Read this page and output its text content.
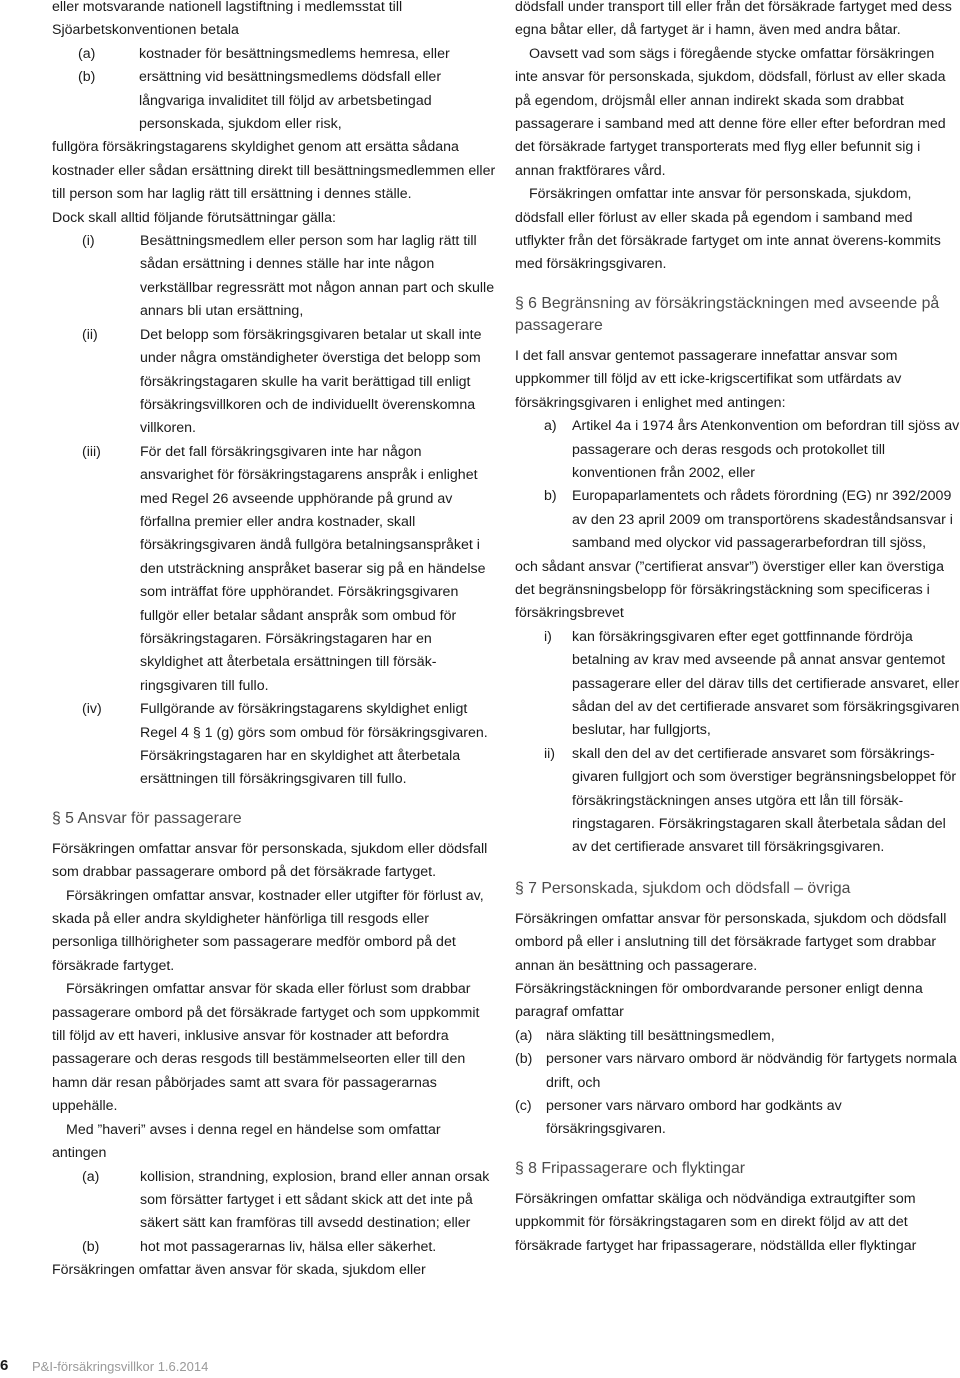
eller motsvarande nationell lagstiftning i medlemsstat till

Sjöarbetskonventionen betala

(a)	kostnader för besättningsmedlems hemresa, eller
(b)	ersättning vid besättningsmedlems dödsfall eller långvariga invaliditet till följd av arbetsbetingad personskada, sjukdom eller risk,

fullgöra försäkringstagarens skyldighet genom att ersätta sådana kostnader eller sådan ersättning direkt till besättningsmedlemmen eller till person som har laglig rätt till ersättning i dennes ställe.

Dock skall alltid följande förutsättningar gälla:

(i)	Besättningsmedlem eller person som har laglig rätt till sådan ersättning i dennes ställe har inte någon verkställbar regressrätt mot någon annan part och skulle annars bli utan ersättning,
(ii)	Det belopp som försäkringsgivaren betalar ut skall inte under några omständigheter överstiga det belopp som försäkringstagaren skulle ha varit berättigad till enligt försäkringsvillkoren och de individuellt överenskomna villkoren.
(iii)	För det fall försäkringsgivaren inte har någon ansvarighet för försäkringstagarens anspråk i enlighet med Regel 26 avseende upphörande på grund av förfallna premier eller andra kostnader, skall försäkringsgivaren ändå fullgöra betalningsanspråket i den utsträckning anspråket baserar sig på en händelse som inträffat före upphörandet. Försäkringsgivaren fullgör eller betalar sådant anspråk som ombud för försäkringstagaren. Försäkringstagaren har en skyldighet att återbetala ersättningen till försäk-ringsgivaren till fullo.
(iv)	Fullgörande av försäkringstagarens skyldighet enligt Regel 4 § 1 (g) görs som ombud för försäkringsgivaren. Försäkringstagaren har en skyldighet att återbetala ersättningen till försäkringsgivaren till fullo.
§ 5 Ansvar för passagerare

Försäkringen omfattar ansvar för personskada, sjukdom eller dödsfall som drabbar passagerare ombord på det försäkrade fartyget.

Försäkringen omfattar ansvar, kostnader eller utgifter för förlust av, skada på eller andra skyldigheter hänförliga till resgods eller personliga tillhörigheter som passagerare medför ombord på det försäkrade fartyget.

Försäkringen omfattar ansvar för skada eller förlust som drabbar passagerare ombord på det försäkrade fartyget och som uppkommit till följd av ett haveri, inklusive ansvar för kostnader att befordra passagerare och deras resgods till bestämmelseorten eller till den hamn där resan påbörjades samt att svara för passagerarnas uppehälle.

Med ”haveri” avses i denna regel en händelse som omfattar antingen

(a)	kollision, strandning, explosion, brand eller annan orsak som försätter fartyget i ett sådant skick att det inte på säkert sätt kan framföras till avsedd destination; eller
(b)	hot mot passagerarnas liv, hälsa eller säkerhet.

Försäkringen omfattar även ansvar för skada, sjukdom eller

dödsfall under transport till eller från det försäkrade fartyget med dess egna båtar eller, då fartyget är i hamn, även med andra båtar.

Oavsett vad som sägs i föregående stycke omfattar försäkringen inte ansvar för personskada, sjukdom, dödsfall, förlust av eller skada på egendom, dröjsmål eller annan indirekt skada som drabbat passagerare i samband med att denne före eller efter befordran med det försäkrade fartyget transporterats med flyg eller befunnit sig i annan fraktförares vård.

Försäkringen omfattar inte ansvar för personskada, sjukdom, dödsfall eller förlust av eller skada på egendom i samband med utflykter från det försäkrade fartyget om inte annat överens-kommits med försäkringsgivaren.

§ 6 Begränsning av försäkringstäckningen med avseende på passagerare

I det fall ansvar gentemot passagerare innefattar ansvar som uppkommer till följd av ett icke-krigscertifikat som utfärdats av försäkringsgivaren i enlighet med antingen:

a)	Artikel 4a i 1974 års Atenkonvention om befordran till sjöss av passagerare och deras resgods och protokollet till konventionen från 2002, eller
b)	Europaparlamentets och rådets förordning (EG) nr 392/2009 av den 23 april 2009 om transportörens skadeståndsansvar i samband med olyckor vid passagerarbefordran till sjöss,

och sådant ansvar (”certifierat ansvar”) överstiger eller kan överstiga det begränsningsbelopp för försäkringstäckning som specificeras i försäkringsbrevet

i)	kan försäkringsgivaren efter eget gottfinnande fördröja betalning av krav med avseende på annat ansvar gentemot passagerare eller del därav tills det certifierade ansvaret, eller sådan del av det certifierade ansvaret som försäkringsgivaren beslutar, har fullgjorts,
ii)	skall den del av det certifierade ansvaret som försäkrings-givaren fullgjort och som överstiger begränsningsbeloppet för försäkringstäckningen anses utgöra ett lån till försäk-ringstagaren. Försäkringstagaren skall återbetala sådan del av det certifierade ansvaret till försäkringsgivaren.
§ 7 Personskada, sjukdom och dödsfall – övriga

Försäkringen omfattar ansvar för personskada, sjukdom och dödsfall ombord på eller i anslutning till det försäkrade fartyget som drabbar annan än besättning och passagerare.

Försäkringstäckningen för ombordvarande personer enligt denna paragraf omfattar

(a) nära släkting till besättningsmedlem,
(b) personer vars närvaro ombord är nödvändig för fartygets normala drift, och
(c)	personer vars närvaro ombord har godkänts av försäkringsgivaren.
§ 8 Fripassagerare och flyktingar

Försäkringen omfattar skäliga och nödvändiga extrautgifter som uppkommit för försäkringstagaren som en direkt följd av att det försäkrade fartyget har fripassagerare, nödställda eller flyktingar

6 P&I-försäkringsvillkor 1.6.2014
